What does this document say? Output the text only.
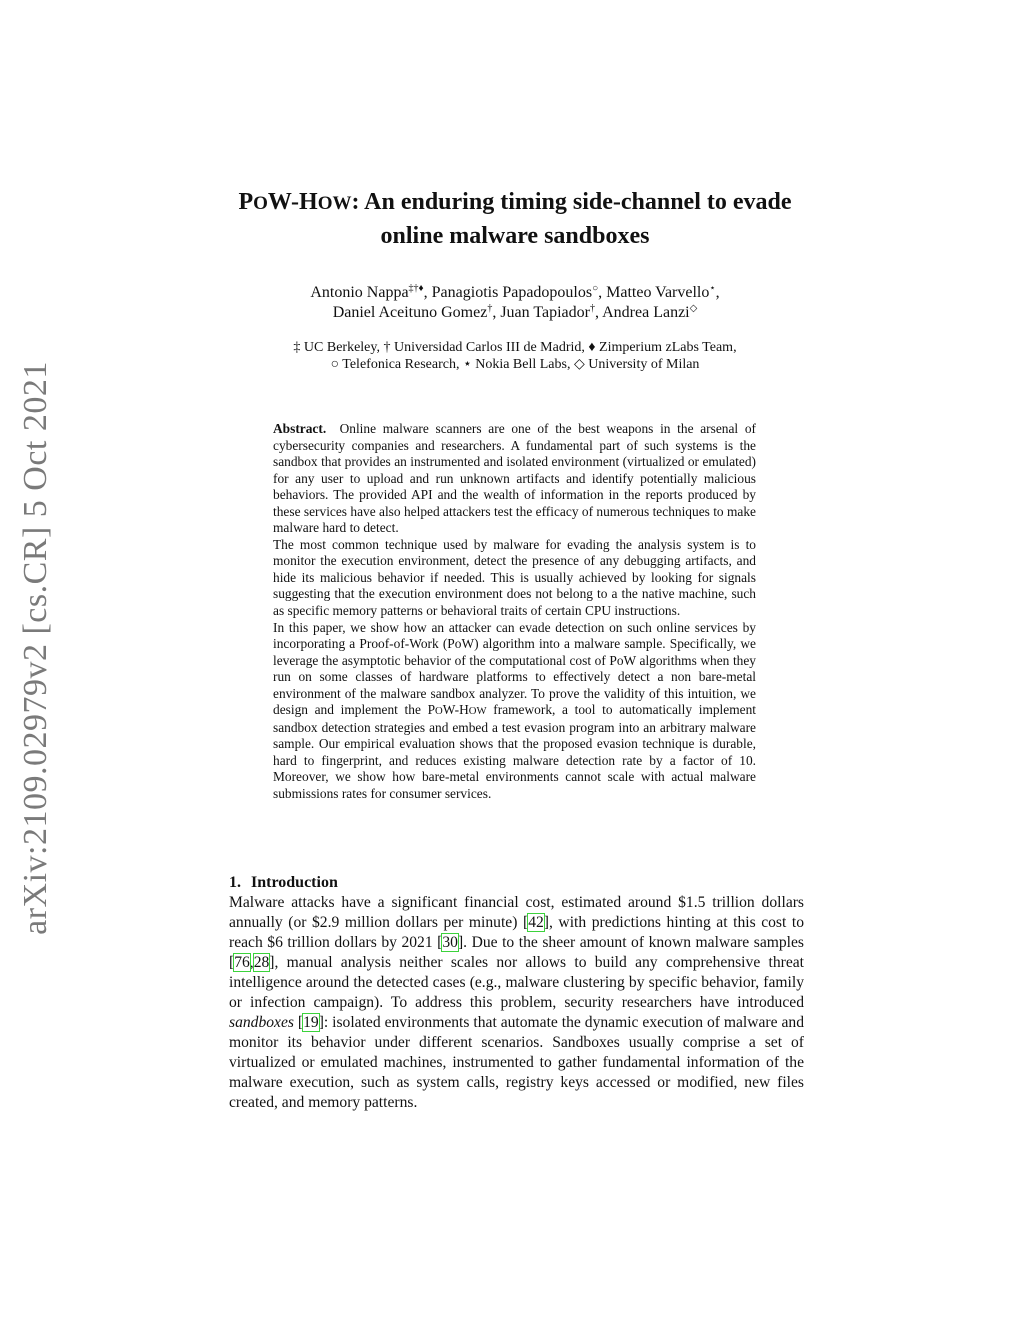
arXiv:2109.02979v2 [cs.CR] 5 Oct 2021
POW-HOW: An enduring timing side-channel to evade
online malware sandboxes
Antonio Nappa‡†♦, Panagiotis Papadopoulos○, Matteo Varvello⋆,
Daniel Aceituno Gomez†, Juan Tapiador†, Andrea Lanzi◇
‡ UC Berkeley, † Universidad Carlos III de Madrid, ♦ Zimperium zLabs Team,
○ Telefonica Research, ⋆ Nokia Bell Labs, ◇ University of Milan

Abstract. Online malware scanners are one of the best weapons in the arsenal of cybersecurity companies and researchers. A fundamental part of such systems is the sandbox that provides an instrumented and isolated environment (virtualized or emulated) for any user to upload and run unknown artifacts and identify potentially malicious behaviors. The provided API and the wealth of information in the reports produced by these services have also helped attackers test the efficacy of numerous techniques to make malware hard to detect.

The most common technique used by malware for evading the analysis system is to monitor the execution environment, detect the presence of any debugging artifacts, and hide its malicious behavior if needed. This is usually achieved by looking for signals suggesting that the execution environment does not belong to a the native machine, such as specific memory patterns or behavioral traits of certain CPU instructions.

In this paper, we show how an attacker can evade detection on such online services by incorporating a Proof-of-Work (PoW) algorithm into a malware sample. Specifically, we leverage the asymptotic behavior of the computational cost of PoW algorithms when they run on some classes of hardware platforms to effectively detect a non bare-metal environment of the malware sandbox analyzer. To prove the validity of this intuition, we design and implement the POW-HOW framework, a tool to automatically implement sandbox detection strategies and embed a test evasion program into an arbitrary malware sample. Our empirical evaluation shows that the proposed evasion technique is durable, hard to fingerprint, and reduces existing malware detection rate by a factor of 10. Moreover, we show how bare-metal environments cannot scale with actual malware submissions rates for consumer services.

1. Introduction

Malware attacks have a significant financial cost, estimated around $1.5 trillion dollars annually (or $2.9 million dollars per minute) [42], with predictions hinting at this cost to reach $6 trillion dollars by 2021 [30]. Due to the sheer amount of known malware samples [76,28], manual analysis neither scales nor allows to build any comprehensive threat intelligence around the detected cases (e.g., malware clustering by specific behavior, family or infection campaign). To address this problem, security researchers have introduced sandboxes [19]: isolated environments that automate the dynamic execution of malware and monitor its behavior under different scenarios. Sandboxes usually comprise a set of virtualized or emulated machines, instrumented to gather fundamental information of the malware execution, such as system calls, registry keys accessed or modified, new files created, and memory patterns.
